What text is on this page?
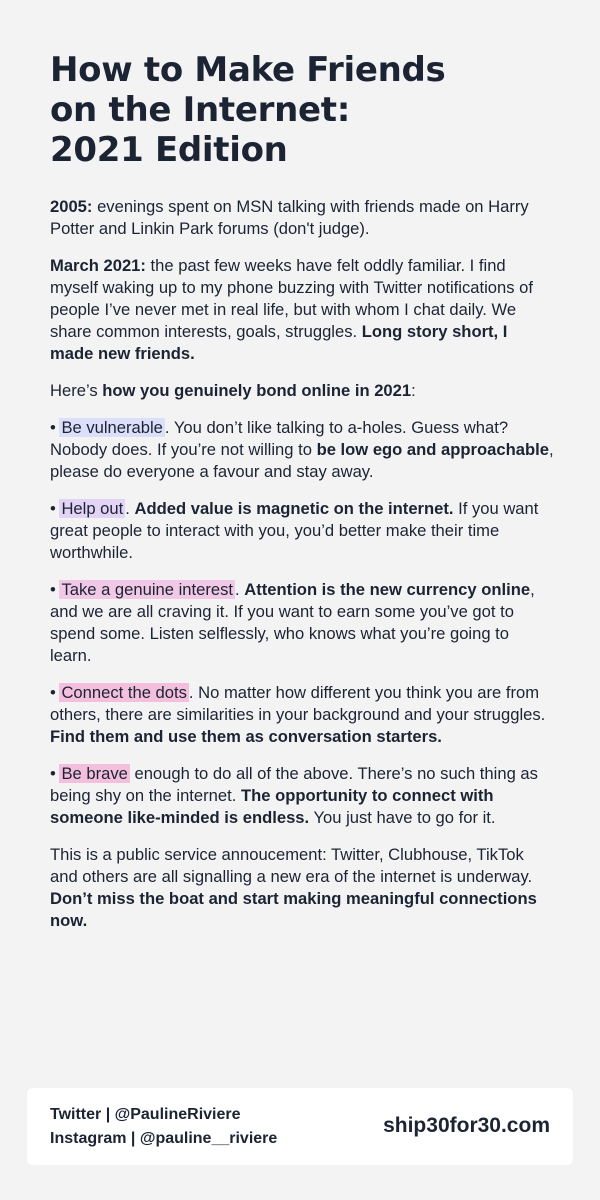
How to Make Friends
on the Internet:
2021 Edition

2005: evenings spent on MSN talking with friends made on Harry Potter and Linkin Park forums (don't judge).

March 2021: the past few weeks have felt oddly familiar. I find myself waking up to my phone buzzing with Twitter notifications of people I’ve never met in real life, but with whom I chat daily. We share common interests, goals, struggles. Long story short, I made new friends.

Here’s how you genuinely bond online in 2021:

• Be vulnerable . You don’t like talking to a-holes. Guess what? Nobody does. If you’re not willing to be low ego and approachable, please do everyone a favour and stay away.

• Help out . Added value is magnetic on the internet. If you want great people to interact with you, you’d better make their time worthwhile.

• Take a genuine interest . Attention is the new currency online, and we are all craving it. If you want to earn some you’ve got to spend some. Listen selflessly, who knows what you’re going to learn.

• Connect the dots . No matter how different you think you are from others, there are similarities in your background and your struggles. Find them and use them as conversation starters.

• Be brave enough to do all of the above. There’s no such thing as being shy on the internet. The opportunity to connect with someone like-minded is endless. You just have to go for it.

This is a public service annoucement: Twitter, Clubhouse, TikTok and others are all signalling a new era of the internet is underway. Don’t miss the boat and start making meaningful connections now.

Twitter | @PaulineRiviere
Instagram | @pauline__riviere
ship30for30.com
